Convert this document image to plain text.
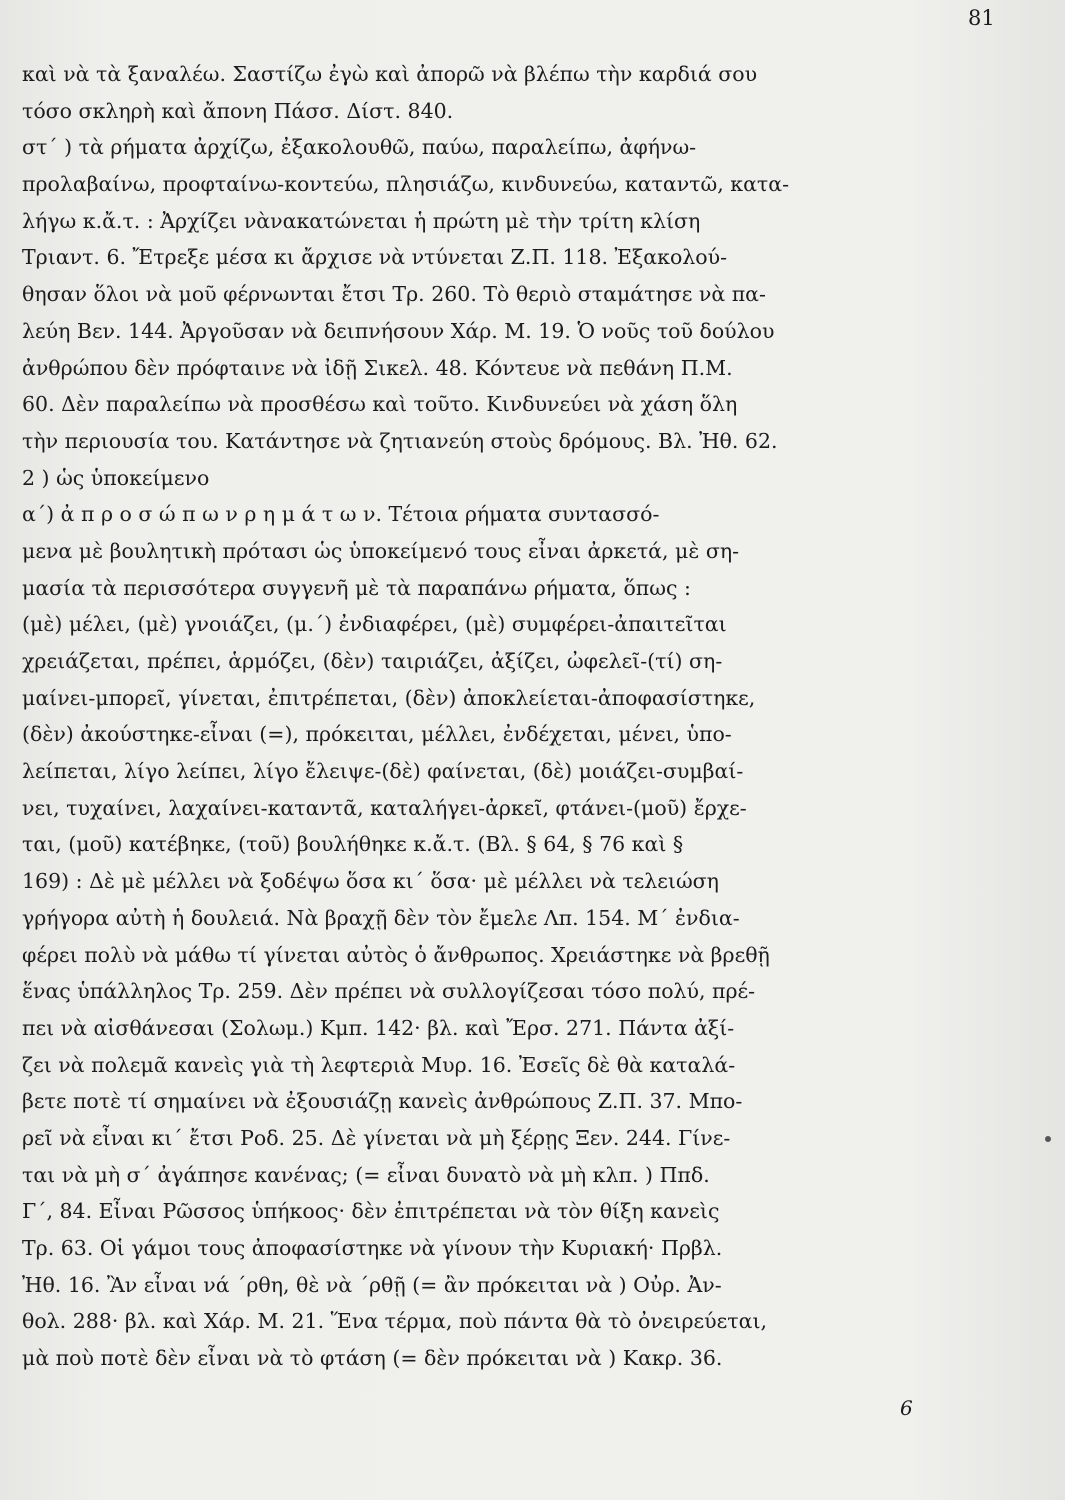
81
καὶ νὰ τὰ ξαναλέω. Σαστίζω ἐγὼ καὶ ἀπορῶ νὰ βλέπω τὴν καρδιά σου
τόσο σκληρὴ καὶ ἄπονη Πάσσ. Δίστ. 840.
στ΄ ) τὰ ρήματα ἀρχίζω, ἐξακολουθῶ, παύω, παραλείπω, ἀφήνω-
προλαβαίνω, προφταίνω-κοντεύω, πλησιάζω, κινδυνεύω, καταντῶ, κατα-
λήγω κ.ἄ.τ. : Ἀρχίζει νὰνακατώνεται ἡ πρώτη μὲ τὴν τρίτη κλίση
Τριαντ. 6. Ἔτρεξε μέσα κι ἄρχισε νὰ ντύνεται Ζ.Π. 118. Ἐξακολού-
θησαν ὅλοι νὰ μοῦ φέρνωνται ἔτσι Τρ. 260. Τὸ θεριὸ σταμάτησε νὰ πα-
λεύη Βεν. 144. Ἀργοῦσαν νὰ δειπνήσουν Χάρ. Μ. 19. Ὁ νοῦς τοῦ δούλου
ἀνθρώπου δὲν πρόφταινε νὰ ἰδῇ Σικελ. 48. Κόντευε νὰ πεθάνη Π.Μ.
60. Δὲν παραλείπω νὰ προσθέσω καὶ τοῦτο. Κινδυνεύει νὰ χάση ὅλη
τὴν περιουσία του. Κατάντησε νὰ ζητιανεύη στοὺς δρόμους. Βλ. Ἠθ. 62.
2 ) ὡς ὑποκείμενο
α΄) ἀ π ρ ο σ ώ π ω ν ρ η μ ά τ ω ν. Τέτοια ρήματα συντασσό-
μενα μὲ βουλητικὴ πρότασι ὡς ὑποκείμενό τους εἶναι ἀρκετά, μὲ ση-
μασία τὰ περισσότερα συγγενῆ μὲ τὰ παραπάνω ρήματα, ὅπως :
(μὲ) μέλει, (μὲ) γνοιάζει, (μ.΄) ἐνδιαφέρει, (μὲ) συμφέρει-ἀπαιτεῖται
χρειάζεται, πρέπει, ἁρμόζει, (δὲν) ταιριάζει, ἀξίζει, ὠφελεῖ-(τί) ση-
μαίνει-μπορεῖ, γίνεται, ἐπιτρέπεται, (δὲν) ἀποκλείεται-ἀποφασίστηκε,
(δὲν) ἀκούστηκε-εἶναι (=), πρόκειται, μέλλει, ἐνδέχεται, μένει, ὑπο-
λείπεται, λίγο λείπει, λίγο ἔλειψε-(δὲ) φαίνεται, (δὲ) μοιάζει-συμβαί-
νει, τυχαίνει, λαχαίνει-καταντᾶ, καταλήγει-ἀρκεῖ, φτάνει-(μοῦ) ἔρχε-
ται, (μοῦ) κατέβηκε, (τοῦ) βουλήθηκε κ.ἄ.τ. (Βλ. § 64, § 76 καὶ §
169) : Δὲ μὲ μέλλει νὰ ξοδέψω ὅσα κι΄ ὅσα· μὲ μέλλει νὰ τελειώση
γρήγορα αὐτὴ ἡ δουλειά. Νὰ βραχῇ δὲν τὸν ἔμελε Λπ. 154. Μ΄ ἐνδια-
φέρει πολὺ νὰ μάθω τί γίνεται αὐτὸς ὁ ἄνθρωπος. Χρειάστηκε νὰ βρεθῇ
ἕνας ὑπάλληλος Τρ. 259. Δὲν πρέπει νὰ συλλογίζεσαι τόσο πολύ, πρέ-
πει νὰ αἰσθάνεσαι (Σολωμ.) Κμπ. 142· βλ. καὶ Ἔρσ. 271. Πάντα ἀξί-
ζει νὰ πολεμᾶ κανεὶς γιὰ τὴ λεφτεριὰ Μυρ. 16. Ἐσεῖς δὲ θὰ καταλά-
βετε ποτὲ τί σημαίνει νὰ ἐξουσιάζῃ κανεὶς ἀνθρώπους Ζ.Π. 37. Μπο-
ρεῖ νὰ εἶναι κι΄ ἔτσι Ροδ. 25. Δὲ γίνεται νὰ μὴ ξέρῃς Ξεν. 244. Γίνε-
ται νὰ μὴ σ΄ ἀγάπησε κανένας; (= εἶναι δυνατὸ νὰ μὴ κλπ. ) Ππδ.
Γ΄, 84. Εἶναι Ρῶσσος ὑπήκοος· δὲν ἐπιτρέπεται νὰ τὸν θίξη κανεὶς
Τρ. 63. Οἱ γάμοι τους ἀποφασίστηκε νὰ γίνουν τὴν Κυριακή· Πρβλ.
Ἠθ. 16. Ἂν εἶναι νά ΄ρθη, θὲ νὰ ΄ρθῇ (= ἂν πρόκειται νὰ ) Οὐρ. Ἀν-
θολ. 288· βλ. καὶ Χάρ. Μ. 21. Ἕνα τέρμα, ποὺ πάντα θὰ τὸ ὀνειρεύεται,
μὰ ποὺ ποτὲ δὲν εἶναι νὰ τὸ φτάση (= δὲν πρόκειται νὰ ) Κακρ. 36.
6
